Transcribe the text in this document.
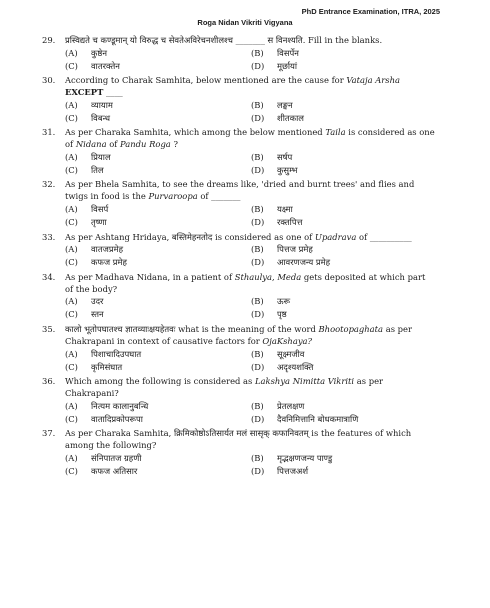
PhD Entrance Examination, ITRA, 2025
Roga Nidan Vikriti Vigyana
29. प्रस्विद्यते च कण्डूमान् यो विरुद्ध च सेवतेअविरेचनशीलश्च _______ स विनश्यति. Fill in the blanks.
(A)	कुष्ठेन	(B)	विसर्पेन
(C)	वातरक्तेन	(D)	मूर्छायां
30. According to Charak Samhita, below mentioned are the cause for Vataja Arsha EXCEPT ____
(A)	व्यायाम	(B)	लङ्घन
(C)	विबन्ध	(D)	शीतकाल
31. As per Charaka Samhita, which among the below mentioned Taila is considered as one of Nidana of Pandu Roga ?
(A)	प्रियाल	(B)	सर्षप
(C)	तिल	(D)	कुसुम्भ
32. As per Bhela Samhita, to see the dreams like, 'dried and burnt trees' and flies and twigs in food is the Purvaroopa of _______
(A)	विसर्प	(B)	यक्ष्मा
(C)	तृष्णा	(D)	रक्तपित्त
33. As per Ashtang Hridaya, बस्तिमेहनतोद is considered as one of Upadrava of __________
(A)	वातजप्रमेह	(B)	पित्तज प्रमेह
(C)	कफज प्रमेह	(D)	आवरणजन्य प्रमेह
34. As per Madhava Nidana, in a patient of Sthaulya, Meda gets deposited at which part of the body?
(A)	उदर	(B)	ऊरू
(C)	स्तन	(D)	पृष्ठ
35. कालो भूतोपघातश्च ज्ञातव्याःक्षयहेतवः what is the meaning of the word Bhootopaghata as per Chakrapani in context of causative factors for OjaKshaya?
(A)	पिशाचादिउपघात	(B)	सूक्ष्मजीव
(C)	कृमिसंघात	(D)	अदृश्यशक्ति
36. Which among the following is considered as Lakshya Nimitta Vikriti as per Chakrapani?
(A)	नित्यम कालानुबन्धि	(B)	प्रेतलक्षण
(C)	वातादिप्रकोपरूपा	(D)	दैवनिमित्तानि बोधकमात्राणि
37. As per Charaka Samhita, क्रिमिकोष्ठोऽतिसार्यत मलं सासृक् कफानिवतम् is the features of which among the following?
(A)	संनिपातज ग्रहणी	(B)	मृद्भक्षणजन्य पाण्डु
(C)	कफज अतिसार	(D)	पित्तजअर्श
